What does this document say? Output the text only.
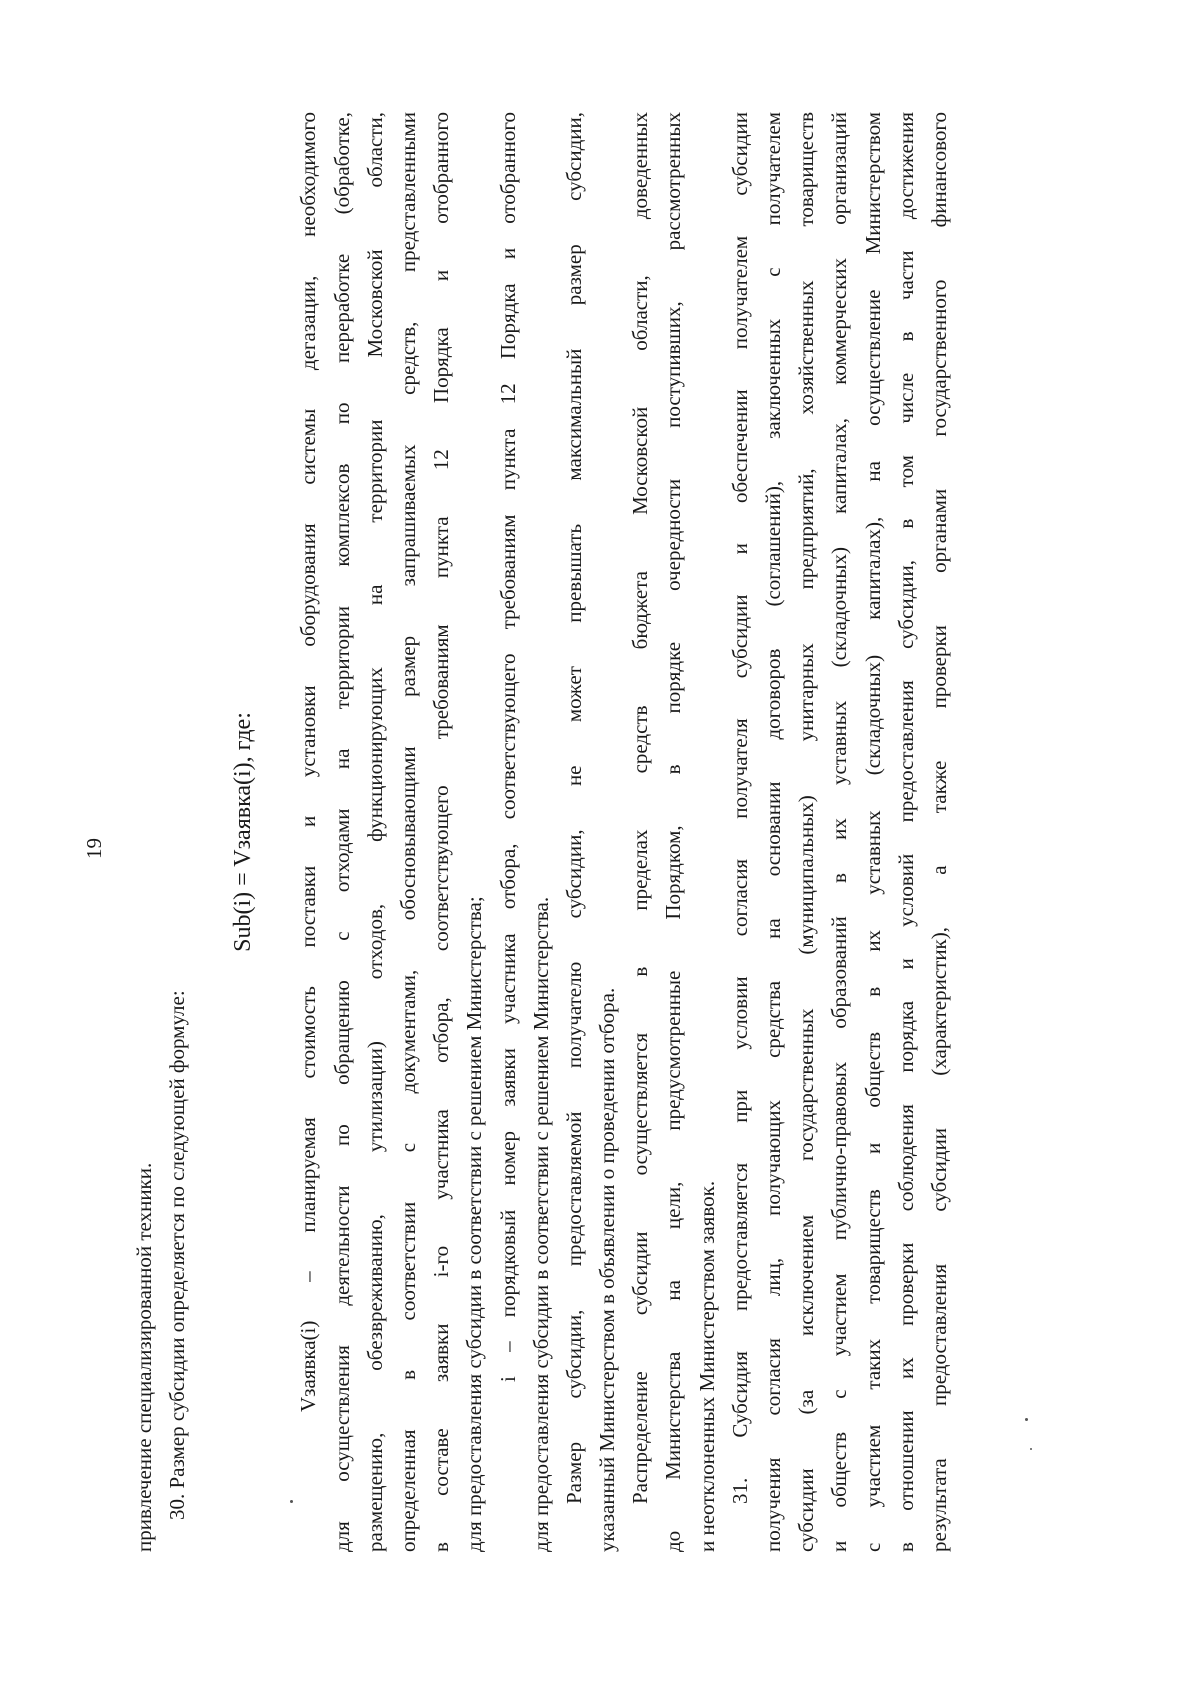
19
привлечение специализированной техники. 30. Размер субсидии определяется по следующей формуле:
Sub(i) = Vзаявка(i), где:	Vзаявка(i) – планируемая стоимость поставки и установки оборудования системы дегазации, необходимого для осуществления деятельности по обращению с отходами на территории комплексов по переработке (обработке, размещению, обезвреживанию, утилизации) отходов, функционирующих на территории Московской области, определенная в соответствии с документами, обосновывающими размер запрашиваемых средств, представленными в составе заявки i-го участника отбора, соответствующего требованиям пункта 12 Порядка и отобранного для предоставления субсидии в соответствии с решением Министерства; i – порядковый номер заявки участника отбора, соответствующего требованиям пункта 12 Порядка и отобранного для предоставления субсидии в соответствии с решением Министерства. Размер субсидии, предоставляемой получателю субсидии, не может превышать максимальный размер субсидии, указанный Министерством в объявлении о проведении отбора. Распределение субсидии осуществляется в пределах средств бюджета Московской области, доведенных до Министерства на цели, предусмотренные Порядком, в порядке очередности поступивших, рассмотренных и неотклоненных Министерством заявок. 31. Субсидия предоставляется при условии согласия получателя субсидии и обеспечении получателем субсидии получения согласия лиц, получающих средства на основании договоров (соглашений), заключенных с получателем субсидии (за исключением государственных (муниципальных) унитарных предприятий, хозяйственных товариществ и обществ с участием публично-правовых образований в их уставных (складочных) капиталах, коммерческих организаций с участием таких товариществ и обществ в их уставных (складочных) капиталах), на осуществление Министерством в отношении их проверки соблюдения порядка и условий предоставления субсидии, в том числе в части достижения результата предоставления субсидии (характеристик), а также проверки органами государственного финансового
